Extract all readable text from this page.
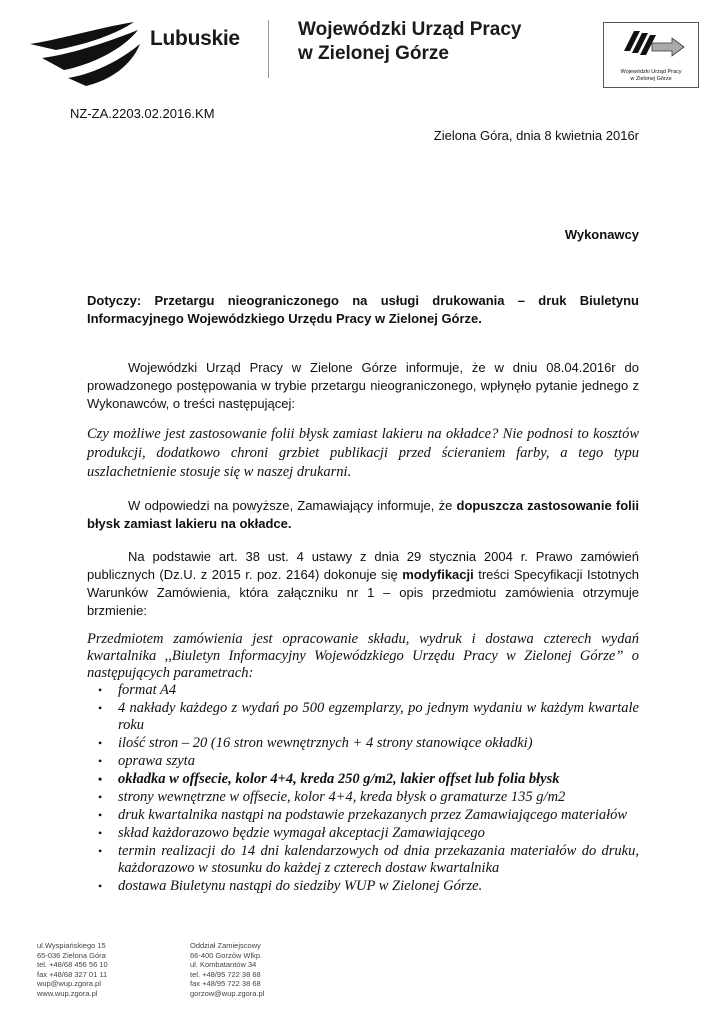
Lubuskie	Wojewódzki Urząd Pracy
w Zielonej Górze
Wojewódzki Urząd Pracy
w Zielonej Górze
NZ-ZA.2203.02.2016.KM
Zielona Góra, dnia 8 kwietnia 2016r
Wykonawcy
Dotyczy: Przetargu nieograniczonego na usługi drukowania – druk Biuletynu Informacyjnego Wojewódzkiego Urzędu Pracy w Zielonej Górze.
Wojewódzki Urząd Pracy w Zielone Górze informuje, że w dniu 08.04.2016r do prowadzonego postępowania w trybie przetargu nieograniczonego, wpłynęło pytanie jednego z Wykonawców, o treści następującej:
Czy możliwe jest zastosowanie folii błysk zamiast lakieru na okładce? Nie podnosi to kosztów produkcji, dodatkowo chroni grzbiet publikacji przed ścieraniem farby, a tego typu uszlachetnienie stosuje się w naszej drukarni.
W odpowiedzi na powyższe, Zamawiający informuje, że dopuszcza zastosowanie folii błysk zamiast lakieru na okładce.
Na podstawie art. 38 ust. 4 ustawy z dnia 29 stycznia 2004 r. Prawo zamówień publicznych (Dz.U. z 2015 r. poz. 2164) dokonuje się modyfikacji treści Specyfikacji Istotnych Warunków Zamówienia, która załączniku nr 1 – opis przedmiotu zamówienia otrzymuje brzmienie:
Przedmiotem zamówienia jest opracowanie składu, wydruk i dostawa czterech wydań kwartalnika ,,Biuletyn Informacyjny Wojewódzkiego Urzędu Pracy w Zielonej Górze” o następujących parametrach:
• format A4
• 4 nakłady każdego z wydań po 500 egzemplarzy, po jednym wydaniu w każdym kwartale roku
• ilość stron – 20 (16 stron wewnętrznych + 4 strony stanowiące okładki)
• oprawa szyta
• okładka w offsecie, kolor 4+4, kreda 250 g/m2, lakier offset lub folia błysk
• strony wewnętrzne w offsecie, kolor 4+4, kreda błysk o gramaturze 135 g/m2
• druk kwartalnika nastąpi na podstawie przekazanych przez Zamawiającego materiałów
• skład każdorazowo będzie wymagał akceptacji Zamawiającego
• termin realizacji do 14 dni kalendarzowych od dnia przekazania materiałów do druku, każdorazowo w stosunku do każdej z czterech dostaw kwartalnika
• dostawa Biuletynu nastąpi do siedziby WUP w Zielonej Górze.
ul.Wyspiańskiego 15
65-036 Zielona Góra
tel. +48/68 456 56 10
fax +48/68 327 01 11
wup@wup.zgora.pl
www.wup.zgora.pl
Oddział Zamiejscowy
66-400 Gorzów Wlkp.
ul. Kombatantów 34
tel. +48/95 722 38 68
fax +48/95 722 38 68
gorzow@wup.zgora.pl
